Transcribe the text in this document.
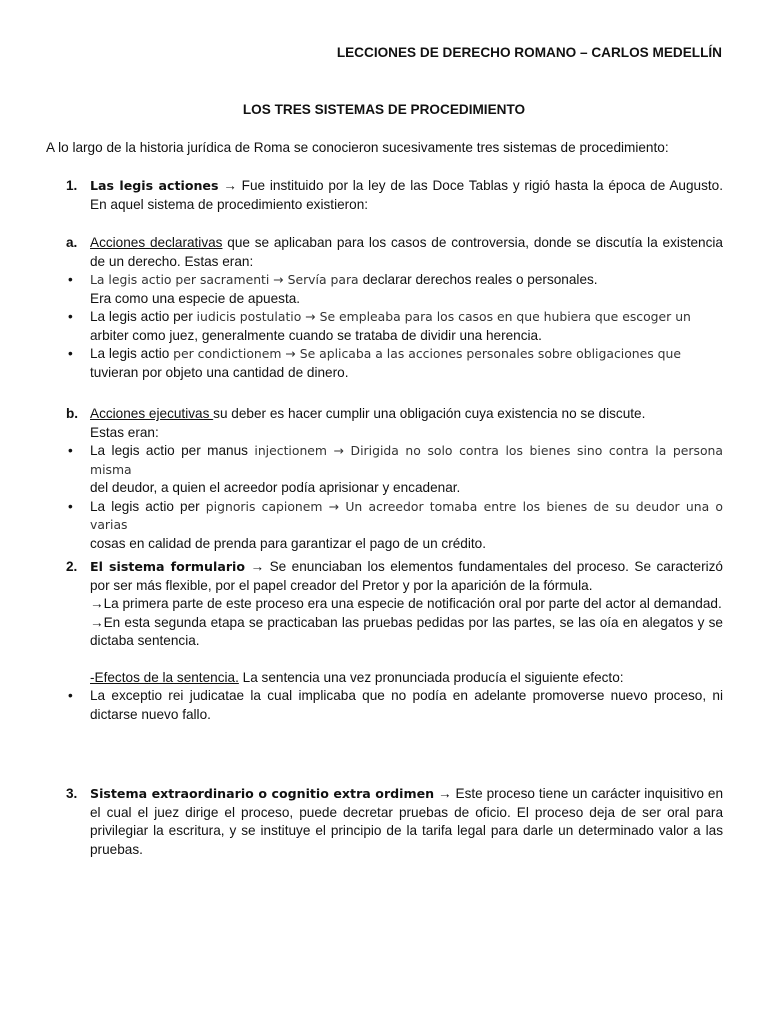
LECCIONES DE DERECHO ROMANO – CARLOS MEDELLÍN
LOS TRES SISTEMAS DE PROCEDIMIENTO
A lo largo de la historia jurídica de Roma se conocieron sucesivamente tres sistemas de procedimiento:
1.	Las legis actiones → Fue instituido por la ley de las Doce Tablas y rigió hasta la época de Augusto. En aquel sistema de procedimiento existieron:

a. Acciones declarativas que se aplicaban para los casos de controversia, donde se discutía la existencia de un derecho. Estas eran:

• La legis actio per sacramenti → Servía para declarar derechos reales o personales.
Era como una especie de apuesta.
• La legis actio per iudicis postulatio → Se empleaba para los casos en que hubiera que escoger un
arbiter como juez, generalmente cuando se trataba de dividir una herencia.
• La legis actio per condictionem → Se aplicaba a las acciones personales sobre obligaciones que
tuvieran por objeto una cantidad de dinero.
b. Acciones ejecutivas su deber es hacer cumplir una obligación cuya existencia no se discute.
Estas eran:

• La legis actio per manus injectionem → Dirigida no solo contra los bienes sino contra la persona misma
del deudor, a quien el acreedor podía aprisionar y encadenar.
• La legis actio per pignoris capionem → Un acreedor tomaba entre los bienes de su deudor una o varias
cosas en calidad de prenda para garantizar el pago de un crédito.
2.	El sistema formulario → Se enunciaban los elementos fundamentales del proceso. Se caracterizó por ser más flexible, por el papel creador del Pretor y por la aparición de la fórmula.

→La primera parte de este proceso era una especie de notificación oral por parte del actor al demandad.

→En esta segunda etapa se practicaban las pruebas pedidas por las partes, se las oía en alegatos y se dictaba sentencia.

-Efectos de la sentencia. La sentencia una vez pronunciada producía el siguiente efecto:

• La exceptio rei judicatae la cual implicaba que no podía en adelante promoverse nuevo proceso, ni dictarse nuevo fallo.
3.	Sistema extraordinario o cognitio extra ordimen → Este proceso tiene un carácter inquisitivo en el cual el juez dirige el proceso, puede decretar pruebas de oficio. El proceso deja de ser oral para privilegiar la escritura, y se instituye el principio de la tarifa legal para darle un determinado valor a las pruebas.
